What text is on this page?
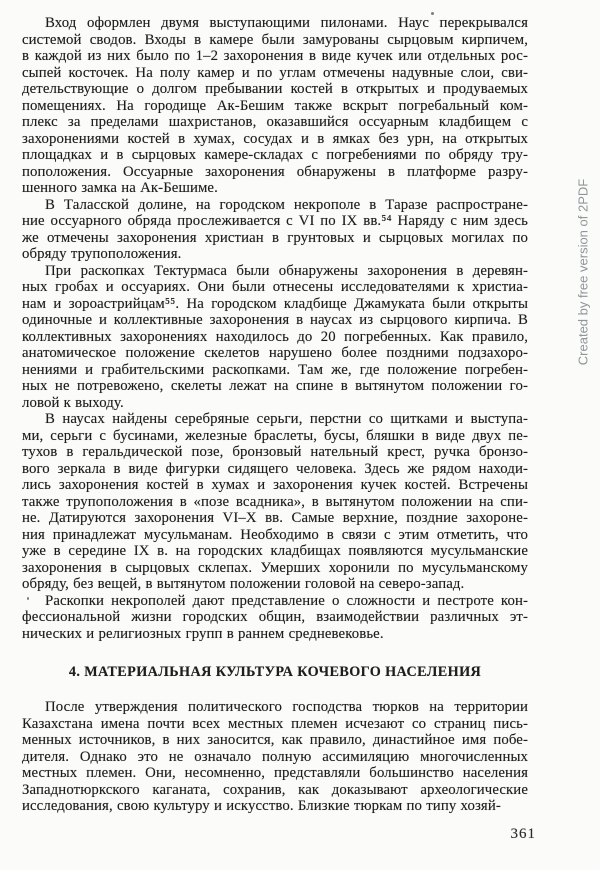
Вход оформлен двумя выступающими пилонами. Наус перекрывался
системой сводов. Входы в камере были замурованы сырцовым кирпичем,
в каждой из них было по 1–2 захоронения в виде кучек или отдельных рос-
сыпей косточек. На полу камер и по углам отмечены надувные слои, сви-
детельствующие о долгом пребывании костей в открытых и продуваемых
помещениях. На городище Ак-Бешим также вскрыт погребальный ком-
плекс за пределами шахристанов, оказавшийся оссуарным кладбищем с
захоронениями костей в хумах, сосудах и в ямках без урн, на открытых
площадках и в сырцовых камере-складах с погребениями по обряду тру-
поположения. Оссуарные захоронения обнаружены в платформе разру-
шенного замка на Ак-Бешиме.
В Таласской долине, на городском некрополе в Таразе распростране-
ние оссуарного обряда прослеживается с VI по IX вв.⁵⁴ Наряду с ним здесь
же отмечены захоронения христиан в грунтовых и сырцовых могилах по
обряду трупоположения.
При раскопках Тектурмаса были обнаружены захоронения в деревян-
ных гробах и оссуариях. Они были отнесены исследователями к христиа-
нам и зороастрийцам⁵⁵. На городском кладбище Джамуката были открыты
одиночные и коллективные захоронения в наусах из сырцового кирпича. В
коллективных захоронениях находилось до 20 погребенных. Как правило,
анатомическое положение скелетов нарушено более поздними подзахоро-
нениями и грабительскими раскопками. Там же, где положение погребен-
ных не потревожено, скелеты лежат на спине в вытянутом положении го-
ловой к выходу.
В наусах найдены серебряные серьги, перстни со щитками и выступа-
ми, серьги с бусинами, железные браслеты, бусы, бляшки в виде двух пе-
тухов в геральдической позе, бронзовый нательный крест, ручка бронзо-
вого зеркала в виде фигурки сидящего человека. Здесь же рядом находи-
лись захоронения костей в хумах и захоронения кучек костей. Встречены
также трупоположения в «позе всадника», в вытянутом положении на спи-
не. Датируются захоронения VI–X вв. Самые верхние, поздние захороне-
ния принадлежат мусульманам. Необходимо в связи с этим отметить, что
уже в середине IX в. на городских кладбищах появляются мусульманские
захоронения в сырцовых склепах. Умерших хоронили по мусульманскому
обряду, без вещей, в вытянутом положении головой на северо-запад.
Раскопки некрополей дают представление о сложности и пестроте кон-
фессиональной жизни городских общин, взаимодействии различных эт-
нических и религиозных групп в раннем средневековье.
4. МАТЕРИАЛЬНАЯ КУЛЬТУРА КОЧЕВОГО НАСЕЛЕНИЯ
После утверждения политического господства тюрков на территории
Казахстана имена почти всех местных племен исчезают со страниц пись-
менных источников, в них заносится, как правило, династийное имя побе-
дителя. Однако это не означало полную ассимиляцию многочисленных
местных племен. Они, несомненно, представляли большинство населения
Западнотюркского каганата, сохранив, как доказывают археологические
исследования, свою культуру и искусство. Близкие тюркам по типу хозяй-
361
Created by free version of 2PDF
